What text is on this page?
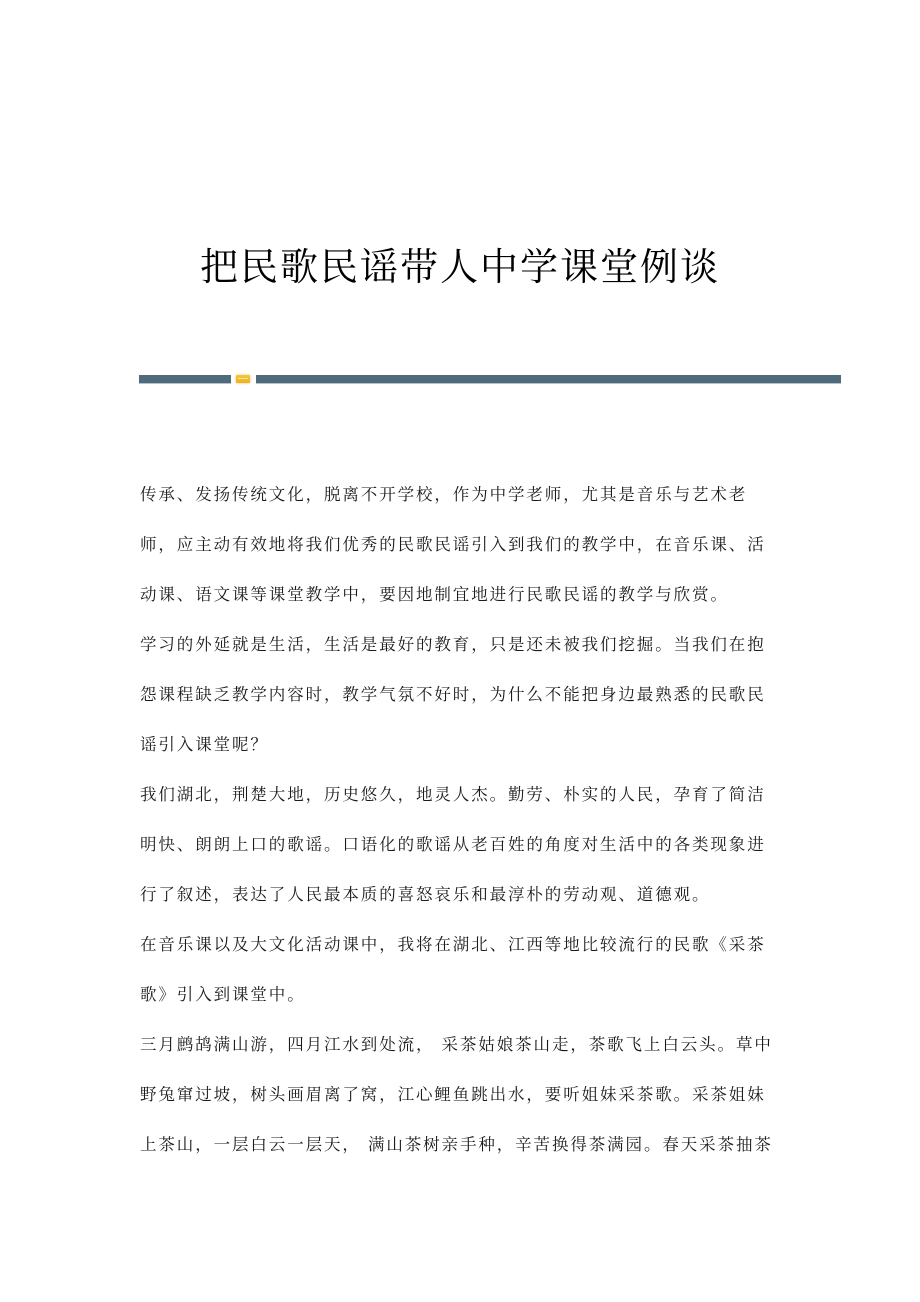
把民歌民谣带人中学课堂例谈

传承、发扬传统文化，脱离不开学校，作为中学老师，尤其是音乐与艺术老
师，应主动有效地将我们优秀的民歌民谣引入到我们的教学中，在音乐课、活
动课、语文课等课堂教学中，要因地制宜地进行民歌民谣的教学与欣赏。

学习的外延就是生活，生活是最好的教育，只是还未被我们挖掘。当我们在抱
怨课程缺乏教学内容时，教学气氛不好时，为什么不能把身边最熟悉的民歌民
谣引入课堂呢？

我们湖北，荆楚大地，历史悠久，地灵人杰。勤劳、朴实的人民，孕育了简洁
明快、朗朗上口的歌谣。口语化的歌谣从老百姓的角度对生活中的各类现象进
行了叙述，表达了人民最本质的喜怒哀乐和最淳朴的劳动观、道德观。

在音乐课以及大文化活动课中，我将在湖北、江西等地比较流行的民歌《采茶
歌》引入到课堂中。

三月鹧鸪满山游，四月江水到处流， 采茶姑娘茶山走，茶歌飞上白云头。草中
野兔窜过坡，树头画眉离了窝，江心鲤鱼跳出水，要听姐妹采茶歌。采茶姐妹
上茶山，一层白云一层天， 满山茶树亲手种，辛苦换得茶满园。春天采茶抽茶
